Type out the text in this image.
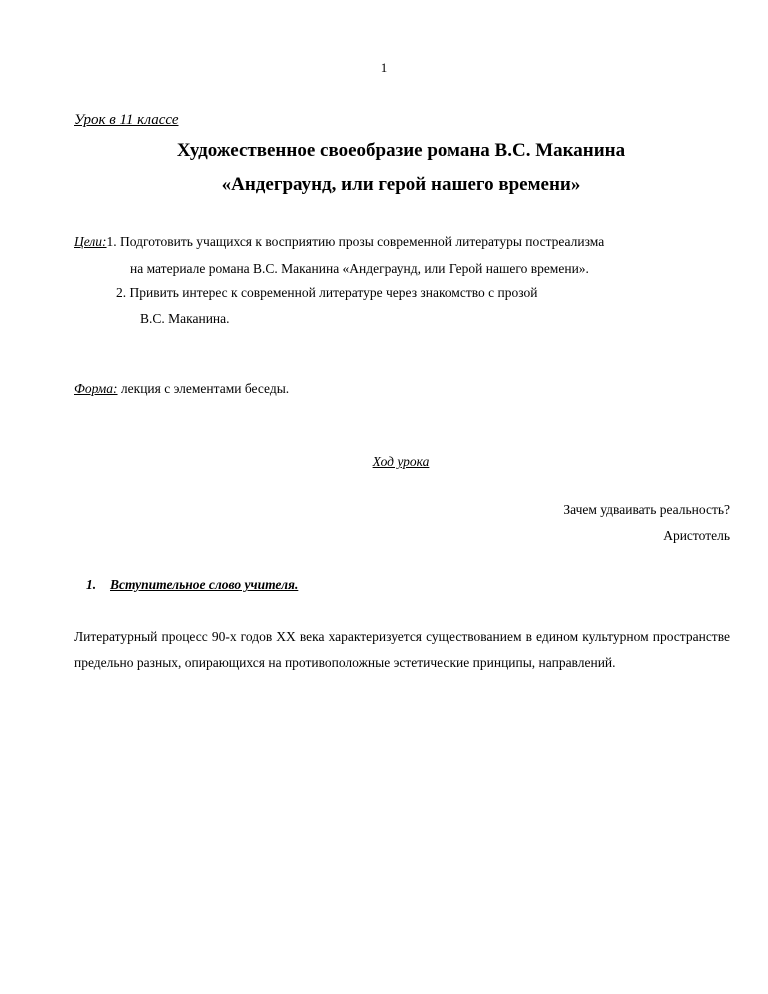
1
Урок в 11 классе
Художественное своеобразие романа В.С. Маканина
«Андеграунд, или герой нашего времени»
Цели:1. Подготовить учащихся к восприятию прозы современной литературы постреализма
на материале романа В.С. Маканина «Андеграунд, или Герой нашего времени».
2. Привить интерес к современной литературе через знакомство с прозой
В.С. Маканина.
Форма: лекция с элементами беседы.
Ход урока
Зачем удваивать реальность?
Аристотель
1. Вступительное слово учителя.
Литературный процесс 90-х годов XX века характеризуется существованием в едином культурном пространстве предельно разных, опирающихся на противоположные эстетические принципы, направлений.
